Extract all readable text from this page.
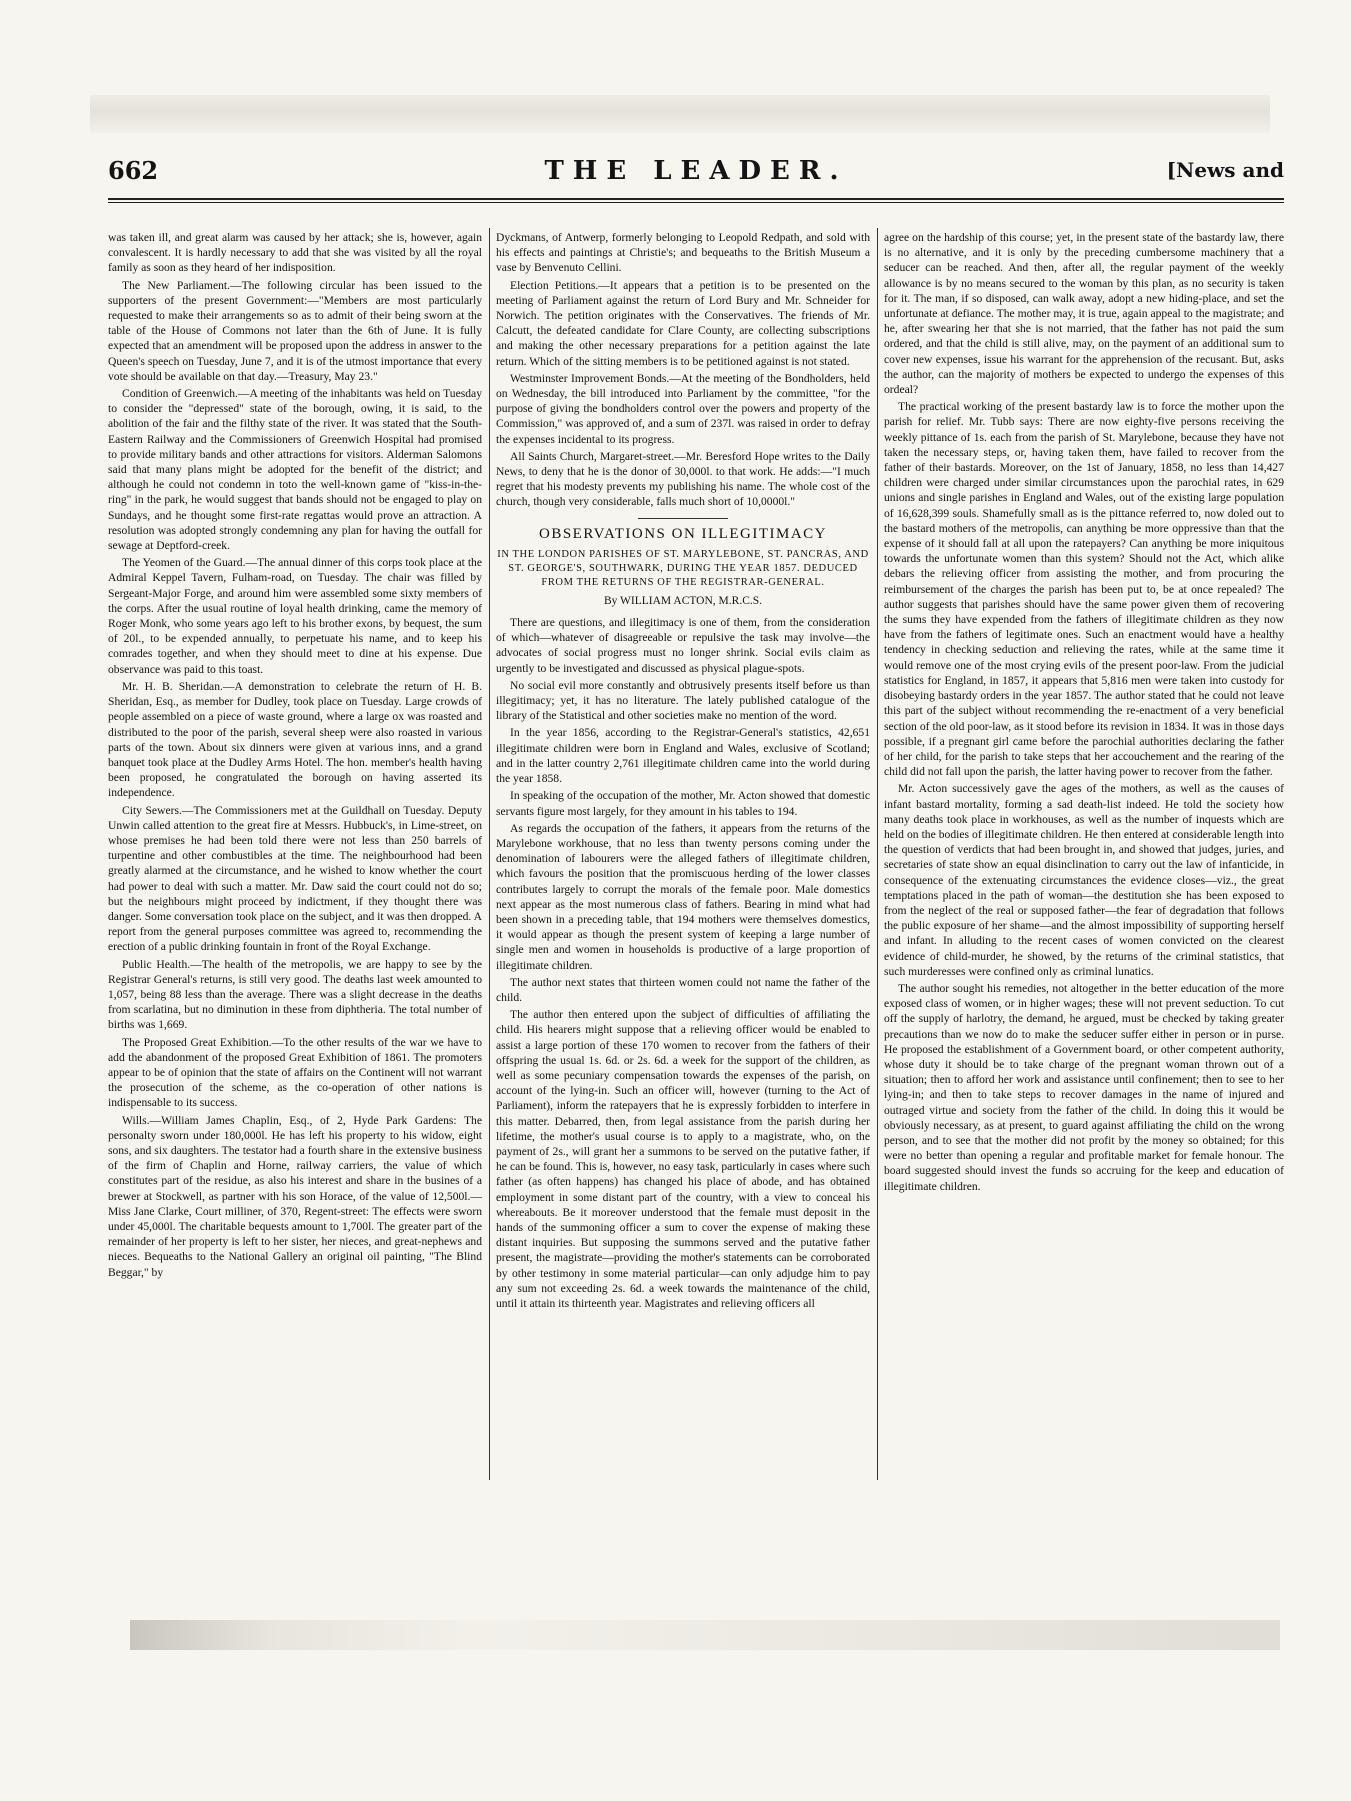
THE LEADER.
662	[News and

was taken ill, and great alarm was caused by her attack; she is, however, again convalescent. It is hardly necessary to add that she was visited by all the royal family as soon as they heard of her indisposition.

The New Parliament.—The following circular has been issued to the supporters of the present Government:—"Members are most particularly requested to make their arrangements so as to admit of their being sworn at the table of the House of Commons not later than the 6th of June. It is fully expected that an amendment will be proposed upon the address in answer to the Queen's speech on Tuesday, June 7, and it is of the utmost importance that every vote should be available on that day.—Treasury, May 23."

Condition of Greenwich.—A meeting of the inhabitants was held on Tuesday to consider the "depressed" state of the borough, owing, it is said, to the abolition of the fair and the filthy state of the river. It was stated that the South-Eastern Railway and the Commissioners of Greenwich Hospital had promised to provide military bands and other attractions for visitors. Alderman Salomons said that many plans might be adopted for the benefit of the district; and although he could not condemn in toto the well-known game of "kiss-in-the-ring" in the park, he would suggest that bands should not be engaged to play on Sundays, and he thought some first-rate regattas would prove an attraction. A resolution was adopted strongly condemning any plan for having the outfall for sewage at Deptford-creek.

The Yeomen of the Guard.—The annual dinner of this corps took place at the Admiral Keppel Tavern, Fulham-road, on Tuesday. The chair was filled by Sergeant-Major Forge, and around him were assembled some sixty members of the corps. After the usual routine of loyal health drinking, came the memory of Roger Monk, who some years ago left to his brother exons, by bequest, the sum of 20l., to be expended annually, to perpetuate his name, and to keep his comrades together, and when they should meet to dine at his expense. Due observance was paid to this toast.

Mr. H. B. Sheridan.—A demonstration to celebrate the return of H. B. Sheridan, Esq., as member for Dudley, took place on Tuesday. Large crowds of people assembled on a piece of waste ground, where a large ox was roasted and distributed to the poor of the parish, several sheep were also roasted in various parts of the town. About six dinners were given at various inns, and a grand banquet took place at the Dudley Arms Hotel. The hon. member's health having been proposed, he congratulated the borough on having asserted its independence.

City Sewers.—The Commissioners met at the Guildhall on Tuesday. Deputy Unwin called attention to the great fire at Messrs. Hubbuck's, in Lime-street, on whose premises he had been told there were not less than 250 barrels of turpentine and other combustibles at the time. The neighbourhood had been greatly alarmed at the circumstance, and he wished to know whether the court had power to deal with such a matter. Mr. Daw said the court could not do so; but the neighbours might proceed by indictment, if they thought there was danger. Some conversation took place on the subject, and it was then dropped. A report from the general purposes committee was agreed to, recommending the erection of a public drinking fountain in front of the Royal Exchange.

Public Health.—The health of the metropolis, we are happy to see by the Registrar General's returns, is still very good. The deaths last week amounted to 1,057, being 88 less than the average. There was a slight decrease in the deaths from scarlatina, but no diminution in these from diphtheria. The total number of births was 1,669.

The Proposed Great Exhibition.—To the other results of the war we have to add the abandonment of the proposed Great Exhibition of 1861. The promoters appear to be of opinion that the state of affairs on the Continent will not warrant the prosecution of the scheme, as the co-operation of other nations is indispensable to its success.

Wills.—William James Chaplin, Esq., of 2, Hyde Park Gardens: The personalty sworn under 180,000l. He has left his property to his widow, eight sons, and six daughters. The testator had a fourth share in the extensive business of the firm of Chaplin and Horne, railway carriers, the value of which constitutes part of the residue, as also his interest and share in the busines of a brewer at Stockwell, as partner with his son Horace, of the value of 12,500l.—Miss Jane Clarke, Court milliner, of 370, Regent-street: The effects were sworn under 45,000l. The charitable bequests amount to 1,700l. The greater part of the remainder of her property is left to her sister, her nieces, and great-nephews and nieces. Bequeaths to the National Gallery an original oil painting, "The Blind Beggar," by

Dyckmans, of Antwerp, formerly belonging to Leopold Redpath, and sold with his effects and paintings at Christie's; and bequeaths to the British Museum a vase by Benvenuto Cellini.

Election Petitions.—It appears that a petition is to be presented on the meeting of Parliament against the return of Lord Bury and Mr. Schneider for Norwich. The petition originates with the Conservatives. The friends of Mr. Calcutt, the defeated candidate for Clare County, are collecting subscriptions and making the other necessary preparations for a petition against the late return. Which of the sitting members is to be petitioned against is not stated.

Westminster Improvement Bonds.—At the meeting of the Bondholders, held on Wednesday, the bill introduced into Parliament by the committee, "for the purpose of giving the bondholders control over the powers and property of the Commission," was approved of, and a sum of 237l. was raised in order to defray the expenses incidental to its progress.

All Saints Church, Margaret-street.—Mr. Beresford Hope writes to the Daily News, to deny that he is the donor of 30,000l. to that work. He adds:—"I much regret that his modesty prevents my publishing his name. The whole cost of the church, though very considerable, falls much short of 10,0000l."

OBSERVATIONS ON ILLEGITIMACY
IN THE LONDON PARISHES OF ST. MARYLEBONE, ST. PANCRAS, AND ST. GEORGE'S, SOUTHWARK, DURING THE YEAR 1857. DEDUCED FROM THE RETURNS OF THE REGISTRAR-GENERAL.
By WILLIAM ACTON, M.R.C.S.

There are questions, and illegitimacy is one of them, from the consideration of which—whatever of disagreeable or repulsive the task may involve—the advocates of social progress must no longer shrink. Social evils claim as urgently to be investigated and discussed as physical plague-spots.

No social evil more constantly and obtrusively presents itself before us than illegitimacy; yet, it has no literature. The lately published catalogue of the library of the Statistical and other societies make no mention of the word.

In the year 1856, according to the Registrar-General's statistics, 42,651 illegitimate children were born in England and Wales, exclusive of Scotland; and in the latter country 2,761 illegitimate children came into the world during the year 1858.

In speaking of the occupation of the mother, Mr. Acton showed that domestic servants figure most largely, for they amount in his tables to 194.

As regards the occupation of the fathers, it appears from the returns of the Marylebone workhouse, that no less than twenty persons coming under the denomination of labourers were the alleged fathers of illegitimate children, which favours the position that the promiscuous herding of the lower classes contributes largely to corrupt the morals of the female poor. Male domestics next appear as the most numerous class of fathers. Bearing in mind what had been shown in a preceding table, that 194 mothers were themselves domestics, it would appear as though the present system of keeping a large number of single men and women in households is productive of a large proportion of illegitimate children.

The author next states that thirteen women could not name the father of the child.

The author then entered upon the subject of difficulties of affiliating the child. His hearers might suppose that a relieving officer would be enabled to assist a large portion of these 170 women to recover from the fathers of their offspring the usual 1s. 6d. or 2s. 6d. a week for the support of the children, as well as some pecuniary compensation towards the expenses of the parish, on account of the lying-in. Such an officer will, however (turning to the Act of Parliament), inform the ratepayers that he is expressly forbidden to interfere in this matter. Debarred, then, from legal assistance from the parish during her lifetime, the mother's usual course is to apply to a magistrate, who, on the payment of 2s., will grant her a summons to be served on the putative father, if he can be found. This is, however, no easy task, particularly in cases where such father (as often happens) has changed his place of abode, and has obtained employment in some distant part of the country, with a view to conceal his whereabouts. Be it moreover understood that the female must deposit in the hands of the summoning officer a sum to cover the expense of making these distant inquiries. But supposing the summons served and the putative father present, the magistrate—providing the mother's statements can be corroborated by other testimony in some material particular—can only adjudge him to pay any sum not exceeding 2s. 6d. a week towards the maintenance of the child, until it attain its thirteenth year. Magistrates and relieving officers all

agree on the hardship of this course; yet, in the present state of the bastardy law, there is no alternative, and it is only by the preceding cumbersome machinery that a seducer can be reached. And then, after all, the regular payment of the weekly allowance is by no means secured to the woman by this plan, as no security is taken for it. The man, if so disposed, can walk away, adopt a new hiding-place, and set the unfortunate at defiance. The mother may, it is true, again appeal to the magistrate; and he, after swearing her that she is not married, that the father has not paid the sum ordered, and that the child is still alive, may, on the payment of an additional sum to cover new expenses, issue his warrant for the apprehension of the recusant. But, asks the author, can the majority of mothers be expected to undergo the expenses of this ordeal?

The practical working of the present bastardy law is to force the mother upon the parish for relief. Mr. Tubb says: There are now eighty-five persons receiving the weekly pittance of 1s. each from the parish of St. Marylebone, because they have not taken the necessary steps, or, having taken them, have failed to recover from the father of their bastards. Moreover, on the 1st of January, 1858, no less than 14,427 children were charged under similar circumstances upon the parochial rates, in 629 unions and single parishes in England and Wales, out of the existing large population of 16,628,399 souls. Shamefully small as is the pittance referred to, now doled out to the bastard mothers of the metropolis, can anything be more oppressive than that the expense of it should fall at all upon the ratepayers? Can anything be more iniquitous towards the unfortunate women than this system? Should not the Act, which alike debars the relieving officer from assisting the mother, and from procuring the reimbursement of the charges the parish has been put to, be at once repealed? The author suggests that parishes should have the same power given them of recovering the sums they have expended from the fathers of illegitimate children as they now have from the fathers of legitimate ones. Such an enactment would have a healthy tendency in checking seduction and relieving the rates, while at the same time it would remove one of the most crying evils of the present poor-law. From the judicial statistics for England, in 1857, it appears that 5,816 men were taken into custody for disobeying bastardy orders in the year 1857. The author stated that he could not leave this part of the subject without recommending the re-enactment of a very beneficial section of the old poor-law, as it stood before its revision in 1834. It was in those days possible, if a pregnant girl came before the parochial authorities declaring the father of her child, for the parish to take steps that her accouchement and the rearing of the child did not fall upon the parish, the latter having power to recover from the father.

Mr. Acton successively gave the ages of the mothers, as well as the causes of infant bastard mortality, forming a sad death-list indeed. He told the society how many deaths took place in workhouses, as well as the number of inquests which are held on the bodies of illegitimate children. He then entered at considerable length into the question of verdicts that had been brought in, and showed that judges, juries, and secretaries of state show an equal disinclination to carry out the law of infanticide, in consequence of the extenuating circumstances the evidence closes—viz., the great temptations placed in the path of woman—the destitution she has been exposed to from the neglect of the real or supposed father—the fear of degradation that follows the public exposure of her shame—and the almost impossibility of supporting herself and infant. In alluding to the recent cases of women convicted on the clearest evidence of child-murder, he showed, by the returns of the criminal statistics, that such murderesses were confined only as criminal lunatics.

The author sought his remedies, not altogether in the better education of the more exposed class of women, or in higher wages; these will not prevent seduction. To cut off the supply of harlotry, the demand, he argued, must be checked by taking greater precautions than we now do to make the seducer suffer either in person or in purse. He proposed the establishment of a Government board, or other competent authority, whose duty it should be to take charge of the pregnant woman thrown out of a situation; then to afford her work and assistance until confinement; then to see to her lying-in; and then to take steps to recover damages in the name of injured and outraged virtue and society from the father of the child. In doing this it would be obviously necessary, as at present, to guard against affiliating the child on the wrong person, and to see that the mother did not profit by the money so obtained; for this were no better than opening a regular and profitable market for female honour. The board suggested should invest the funds so accruing for the keep and education of illegitimate children.
